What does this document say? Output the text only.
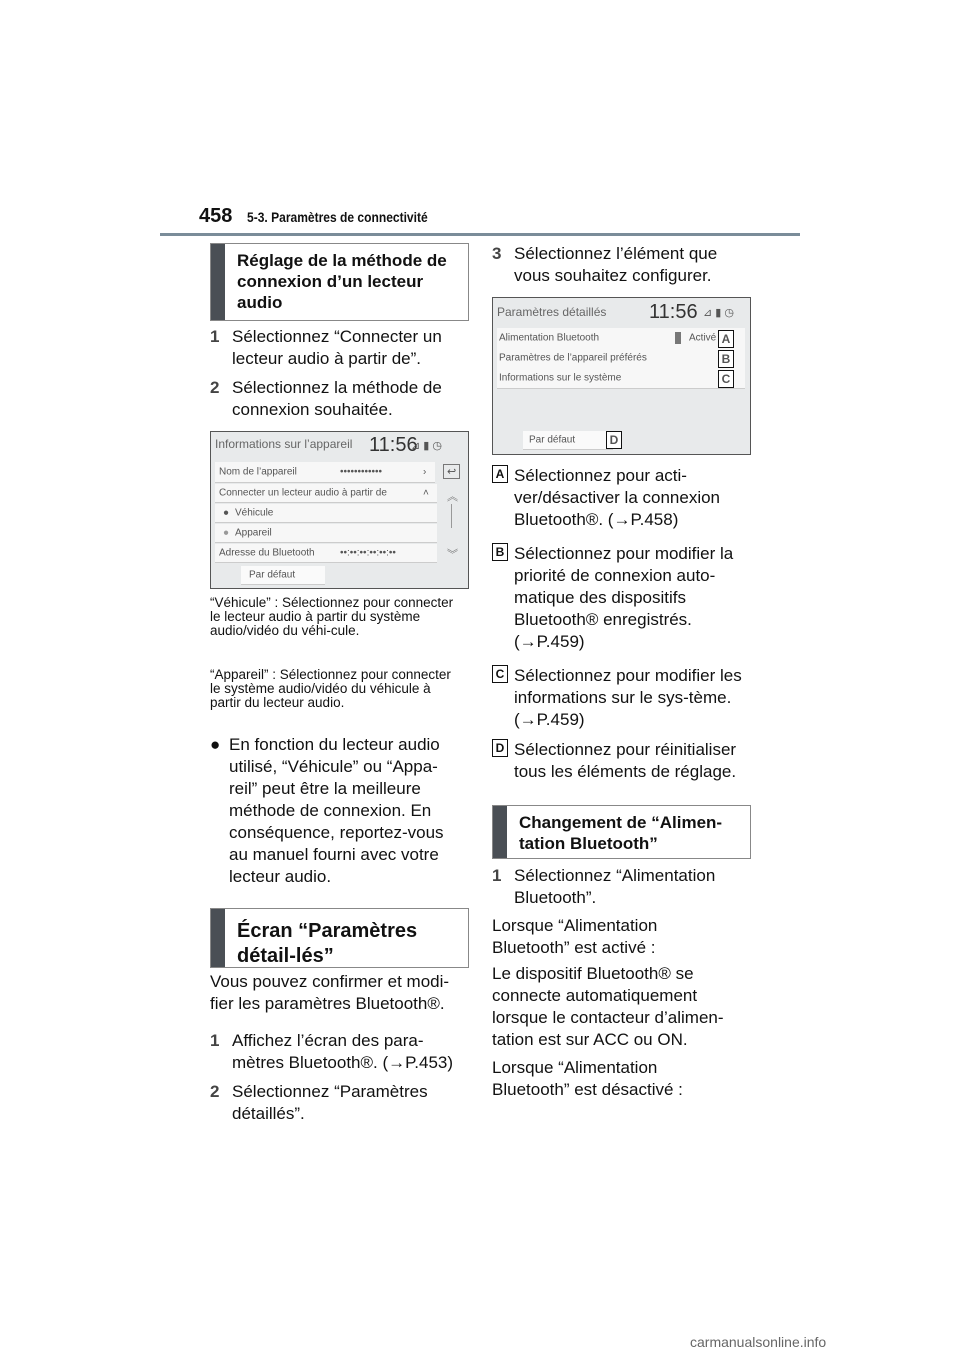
458 5-3. Paramètres de connectivité
Réglage de la méthode de connexion d’un lecteur audio
1 Sélectionnez “Connecter un lecteur audio à partir de”.
2 Sélectionnez la méthode de connexion souhaitée.
Informations sur l’appareil 11:56
⊿ ▮ ◷
Nom de l’appareil	••••••••••••	›	↩
Connecter un lecteur audio à partir de	˄
● Véhicule
● Appareil
Adresse du Bluetooth	••:••:••:••:••:••
︽
︾
Par défaut
“Véhicule” : Sélectionnez pour connecter le lecteur audio à partir du système audio/vidéo du véhi-cule.
“Appareil” : Sélectionnez pour connecter le système audio/vidéo du véhicule à partir du lecteur audio.
● En fonction du lecteur audio utilisé, “Véhicule” ou “Appa-reil” peut être la meilleure méthode de connexion. En conséquence, reportez-vous au manuel fourni avec votre lecteur audio.
Écran “Paramètres détail-lés”
Vous pouvez confirmer et modi-fier les paramètres Bluetooth®.
1 Affichez l’écran des para-mètres Bluetooth®. (→P.453)
2 Sélectionnez “Paramètres détaillés”.
3 Sélectionnez l’élément que vous souhaitez configurer.
Paramètres détaillés 11:56 ⊿ ▮ ◷
Alimentation Bluetooth	Activé
Paramètres de l’appareil préférés
Informations sur le système
Par défaut
A
B
C
D
A Sélectionnez pour acti-ver/désactiver la connexion Bluetooth®. (→P.458)
B Sélectionnez pour modifier la priorité de connexion auto-matique des dispositifs Bluetooth® enregistrés. (→P.459)
C Sélectionnez pour modifier les informations sur le sys-tème. (→P.459)
D Sélectionnez pour réinitialiser tous les éléments de réglage.
Changement de “Alimen-tation Bluetooth”
1 Sélectionnez “Alimentation Bluetooth”.
Lorsque “Alimentation Bluetooth” est activé :
Le dispositif Bluetooth® se connecte automatiquement lorsque le contacteur d’alimen-tation est sur ACC ou ON.
Lorsque “Alimentation Bluetooth” est désactivé :
carmanualsonline.info
